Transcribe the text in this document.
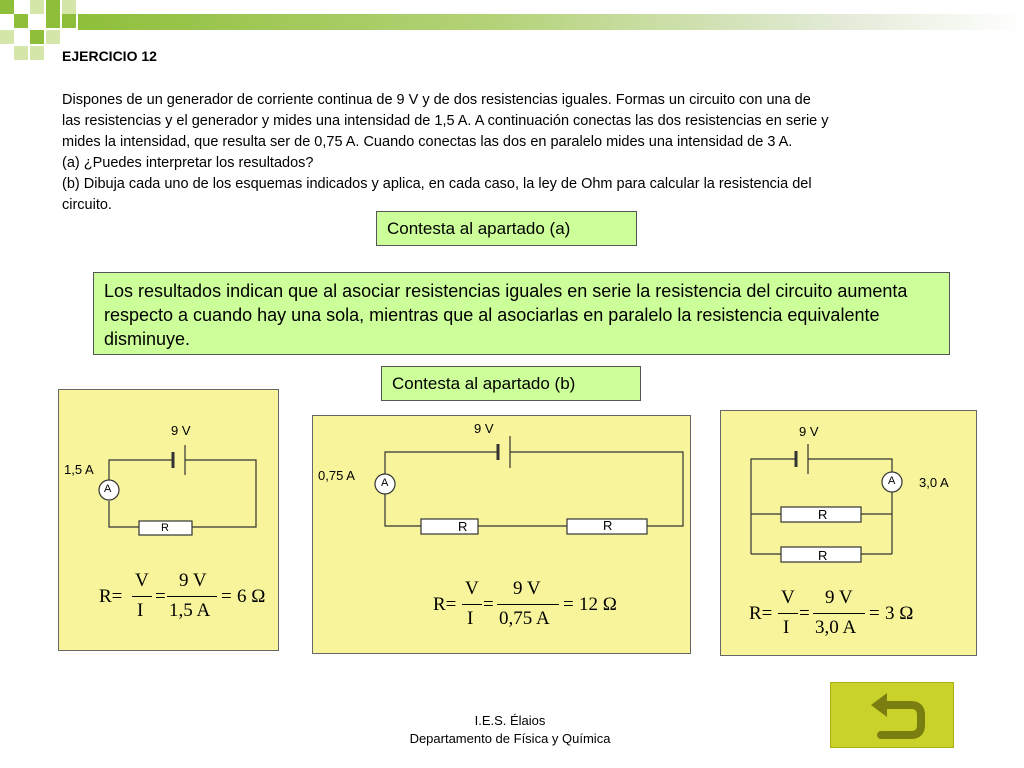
EJERCICIO 12
Dispones de un generador de corriente continua de 9 V y de dos resistencias iguales. Formas un circuito con una de
las resistencias y el generador y mides una intensidad de 1,5 A. A continuación conectas las dos resistencias en serie y
mides la intensidad, que resulta ser de 0,75 A. Cuando conectas las dos en paralelo mides una intensidad de 3 A.
(a) ¿Puedes interpretar los resultados?
(b) Dibuja cada uno de los esquemas indicados y aplica, en cada caso, la ley de Ohm para calcular la resistencia del
circuito.
Contesta al apartado (a)
Los resultados indican que al asociar resistencias iguales en serie la resistencia del circuito aumenta respecto a cuando hay una sola, mientras que al asociarlas en paralelo la resistencia equivalente disminuye.
Contesta al apartado (b)
9 V
1,5 A
A
R
R=
V
I
=
9 V
1,5 A
= 6 Ω
9 V
0,75 A A
R	R
R=
V
I
=
9 V
0,75 A
= 12 Ω
9 V
3,0 A
A
R
R
R=
V
I
=
9 V
3,0 A
= 3 Ω
I.E.S. Élaios
Departamento de Física y Química
